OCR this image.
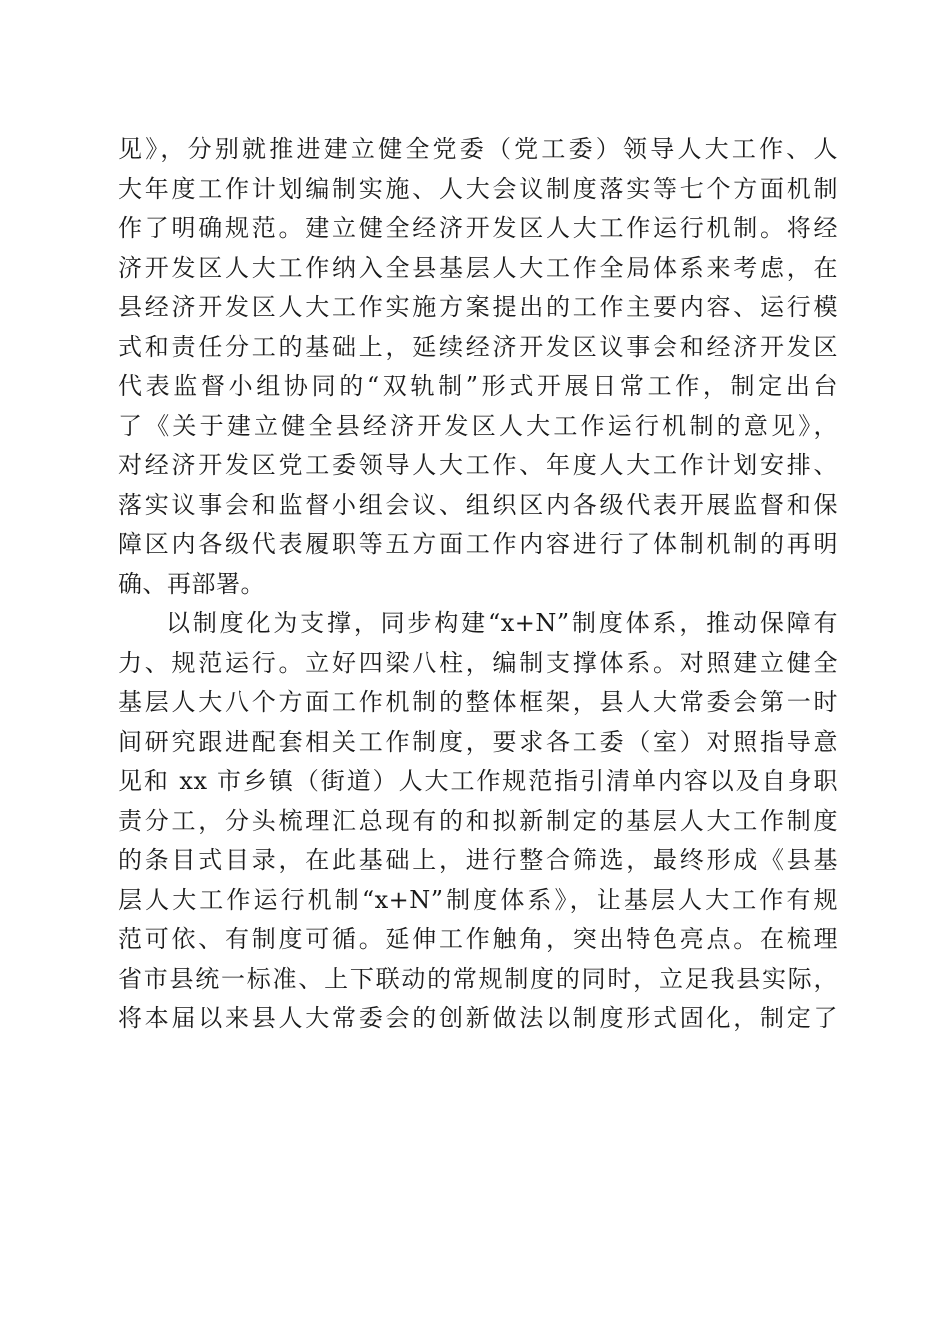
见》，分别就推进建立健全党委（党工委）领导人大工作、人
大年度工作计划编制实施、人大会议制度落实等七个方面机制
作了明确规范。建立健全经济开发区人大工作运行机制。将经
济开发区人大工作纳入全县基层人大工作全局体系来考虑，在
县经济开发区人大工作实施方案提出的工作主要内容、运行模
式和责任分工的基础上，延续经济开发区议事会和经济开发区
代表监督小组协同的“双轨制”形式开展日常工作，制定出台
了《关于建立健全县经济开发区人大工作运行机制的意见》，
对经济开发区党工委领导人大工作、年度人大工作计划安排、
落实议事会和监督小组会议、组织区内各级代表开展监督和保
障区内各级代表履职等五方面工作内容进行了体制机制的再明
确、再部署。
以制度化为支撑，同步构建“x+N”制度体系，推动保障有
力、规范运行。立好四梁八柱，编制支撑体系。对照建立健全
基层人大八个方面工作机制的整体框架，县人大常委会第一时
间研究跟进配套相关工作制度，要求各工委（室）对照指导意
见和 xx 市乡镇（街道）人大工作规范指引清单内容以及自身职
责分工，分头梳理汇总现有的和拟新制定的基层人大工作制度
的条目式目录，在此基础上，进行整合筛选，最终形成《县基
层人大工作运行机制“x+N”制度体系》，让基层人大工作有规
范可依、有制度可循。延伸工作触角，突出特色亮点。在梳理
省市县统一标准、上下联动的常规制度的同时，立足我县实际，
将本届以来县人大常委会的创新做法以制度形式固化，制定了
